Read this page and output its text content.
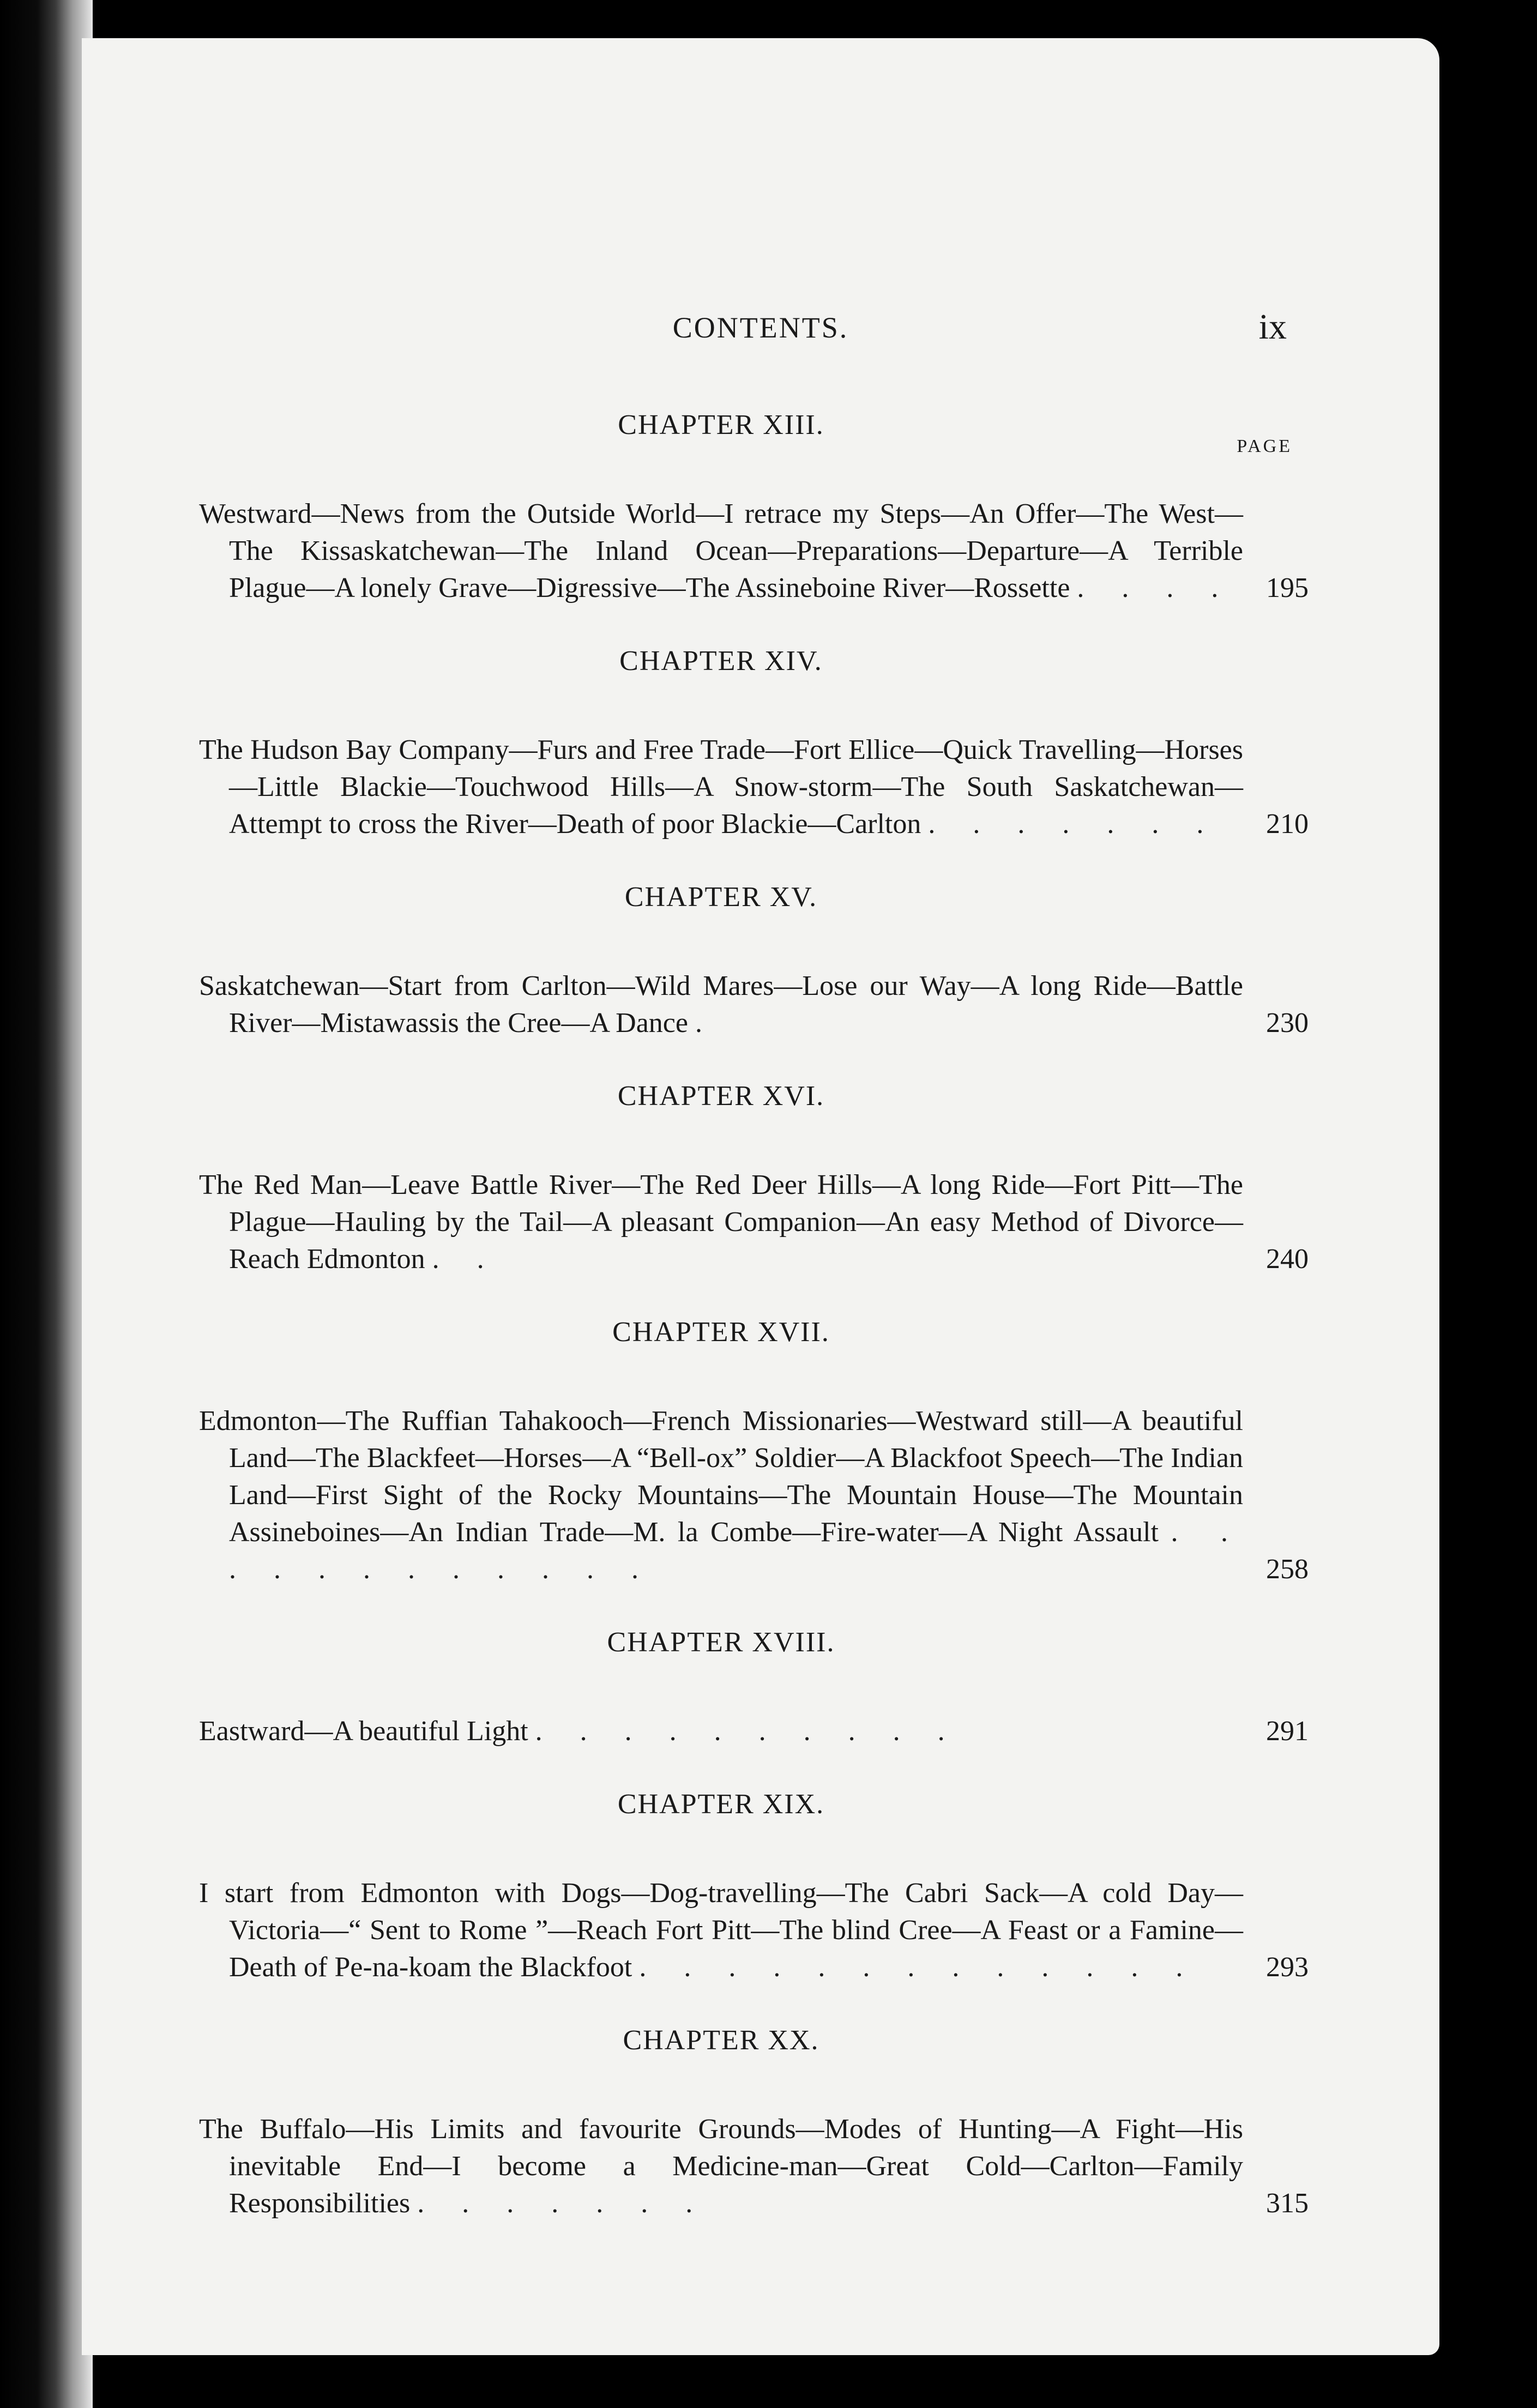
CONTENTS.	ix
PAGE
CHAPTER XIII.
Westward—News from the Outside World—I retrace my Steps—An Offer—The West—The Kissaskatchewan—The Inland Ocean—Preparations—Departure—A Terrible Plague—A lonely Grave—Digressive—The Assineboine River—Rossette . . . . 195
CHAPTER XIV.
The Hudson Bay Company—Furs and Free Trade—Fort Ellice—Quick Travelling—Horses—Little Blackie—Touchwood Hills—A Snow-storm—The South Saskatchewan—Attempt to cross the River—Death of poor Blackie—Carlton . . . . . . . 210
CHAPTER XV.
Saskatchewan—Start from Carlton—Wild Mares—Lose our Way—A long Ride—Battle River—Mistawassis the Cree—A Dance .	230
CHAPTER XVI.
The Red Man—Leave Battle River—The Red Deer Hills—A long Ride—Fort Pitt—The Plague—Hauling by the Tail—A pleasant Companion—An easy Method of Divorce—Reach Edmonton . .	240
CHAPTER XVII.
Edmonton—The Ruffian Tahakooch—French Missionaries—Westward still—A beautiful Land—The Blackfeet—Horses—A “Bell-ox” Soldier—A Blackfoot Speech—The Indian Land—First Sight of the Rocky Mountains—The Mountain House—The Mountain Assineboines—An Indian Trade—M. la Combe—Fire-water—A Night Assault . . . . . . . . . . . .	258
CHAPTER XVIII.
Eastward—A beautiful Light . . . . . . . . . .	291
CHAPTER XIX.
I start from Edmonton with Dogs—Dog-travelling—The Cabri Sack—A cold Day—Victoria—“ Sent to Rome ”—Reach Fort Pitt—The blind Cree—A Feast or a Famine—Death of Pe-na-koam the Blackfoot . . . . . . . . . . . . . 293
CHAPTER XX.
The Buffalo—His Limits and favourite Grounds—Modes of Hunting—A Fight—His inevitable End—I become a Medicine-man—Great Cold—Carlton—Family Responsibilities . . . . . . .	315
